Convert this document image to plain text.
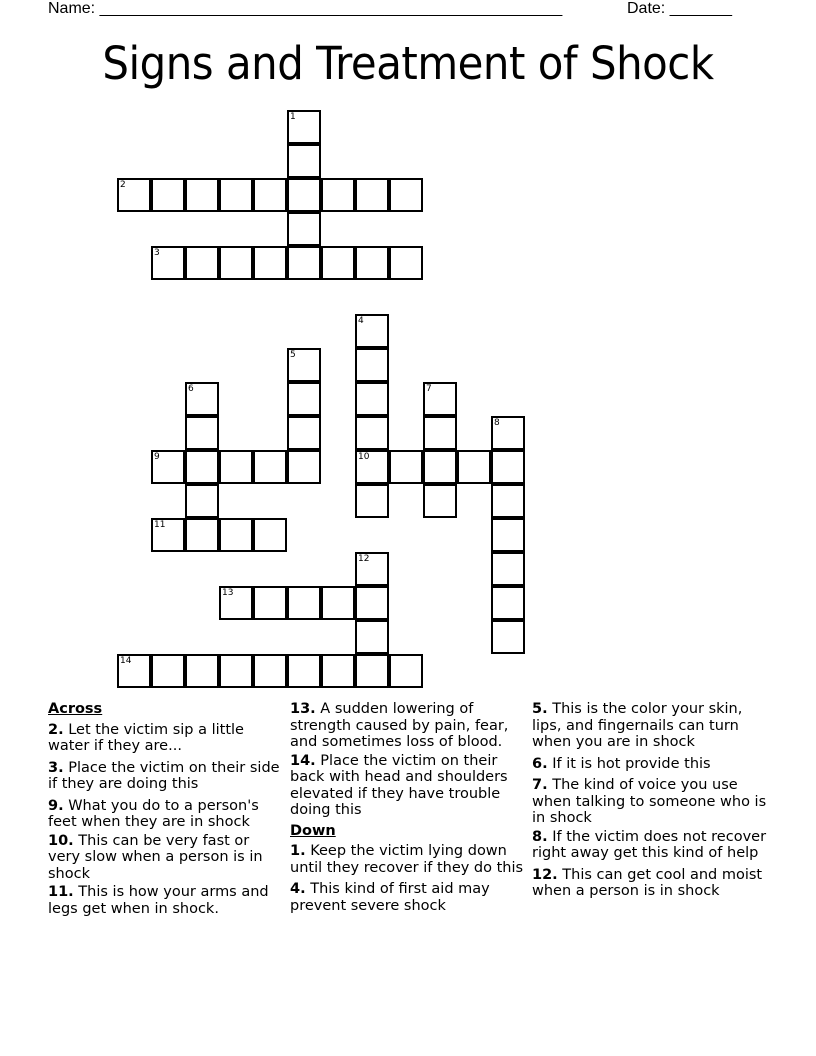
Name: ____________________________________________________	Date: _______
Signs and Treatment of Shock
1
2
3
4
10
5
6	7
8
9
11
12
13
14
Across
2. Let the victim sip a little water if they are...
3. Place the victim on their side if they are doing this
9. What you do to a person's feet when they are in shock
10. This can be very fast or very slow when a person is in shock
11. This is how your arms and legs get when in shock.
13. A sudden lowering of strength caused by pain, fear, and sometimes loss of blood.
14. Place the victim on their back with head and shoulders elevated if they have trouble doing this
Down
1. Keep the victim lying down until they recover if they do this
4. This kind of first aid may prevent severe shock
5. This is the color your skin, lips, and fingernails can turn when you are in shock
6. If it is hot provide this
7. The kind of voice you use when talking to someone who is in shock
8. If the victim does not recover right away get this kind of help
12. This can get cool and moist when a person is in shock
